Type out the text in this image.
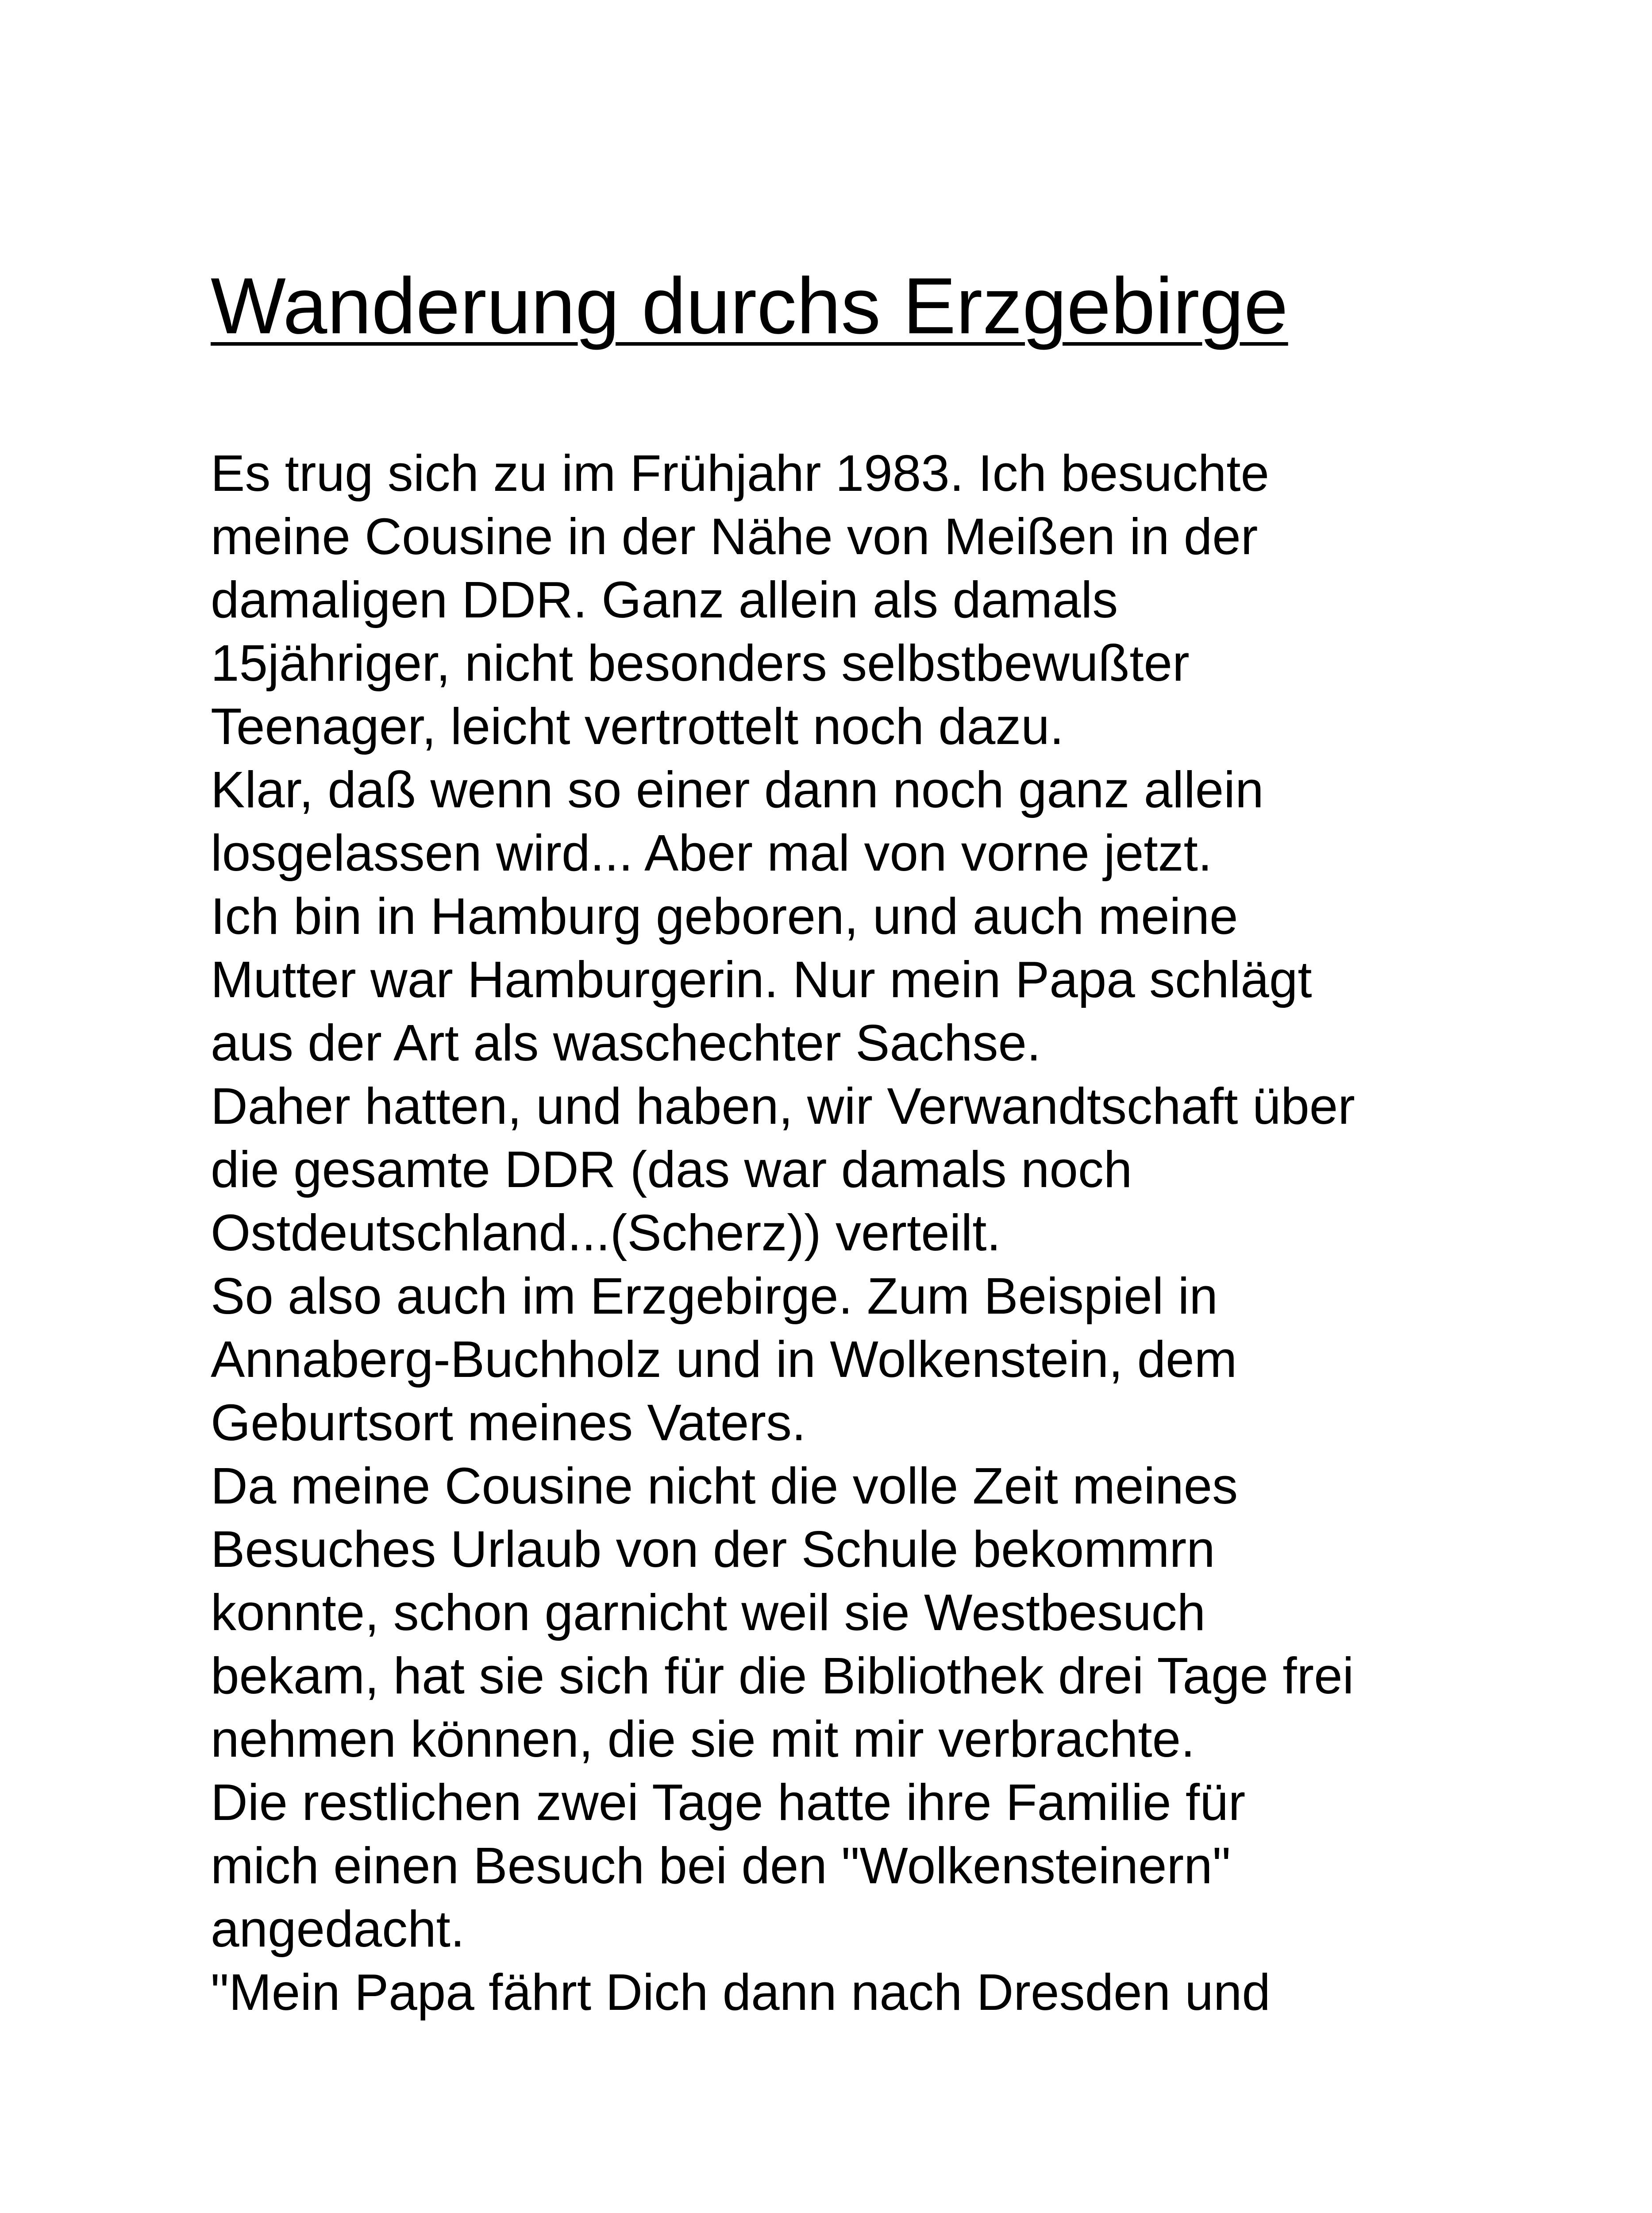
Wanderung durchs Erzgebirge
Es trug sich zu im Frühjahr 1983. Ich besuchte
meine Cousine in der Nähe von Meißen in der
damaligen DDR. Ganz allein als damals
15jähriger, nicht besonders selbstbewußter
Teenager, leicht vertrottelt noch dazu.
Klar, daß wenn so einer dann noch ganz allein
losgelassen wird... Aber mal von vorne jetzt.
Ich bin in Hamburg geboren, und auch meine
Mutter war Hamburgerin. Nur mein Papa schlägt
aus der Art als waschechter Sachse.
Daher hatten, und haben, wir Verwandtschaft über
die gesamte DDR (das war damals noch
Ostdeutschland...(Scherz)) verteilt.
So also auch im Erzgebirge. Zum Beispiel in
Annaberg-Buchholz und in Wolkenstein, dem
Geburtsort meines Vaters.
Da meine Cousine nicht die volle Zeit meines
Besuches Urlaub von der Schule bekommrn
konnte, schon garnicht weil sie Westbesuch
bekam, hat sie sich für die Bibliothek drei Tage frei
nehmen können, die sie mit mir verbrachte.
Die restlichen zwei Tage hatte ihre Familie für
mich einen Besuch bei den "Wolkensteinern"
angedacht.
"Mein Papa fährt Dich dann nach Dresden und
